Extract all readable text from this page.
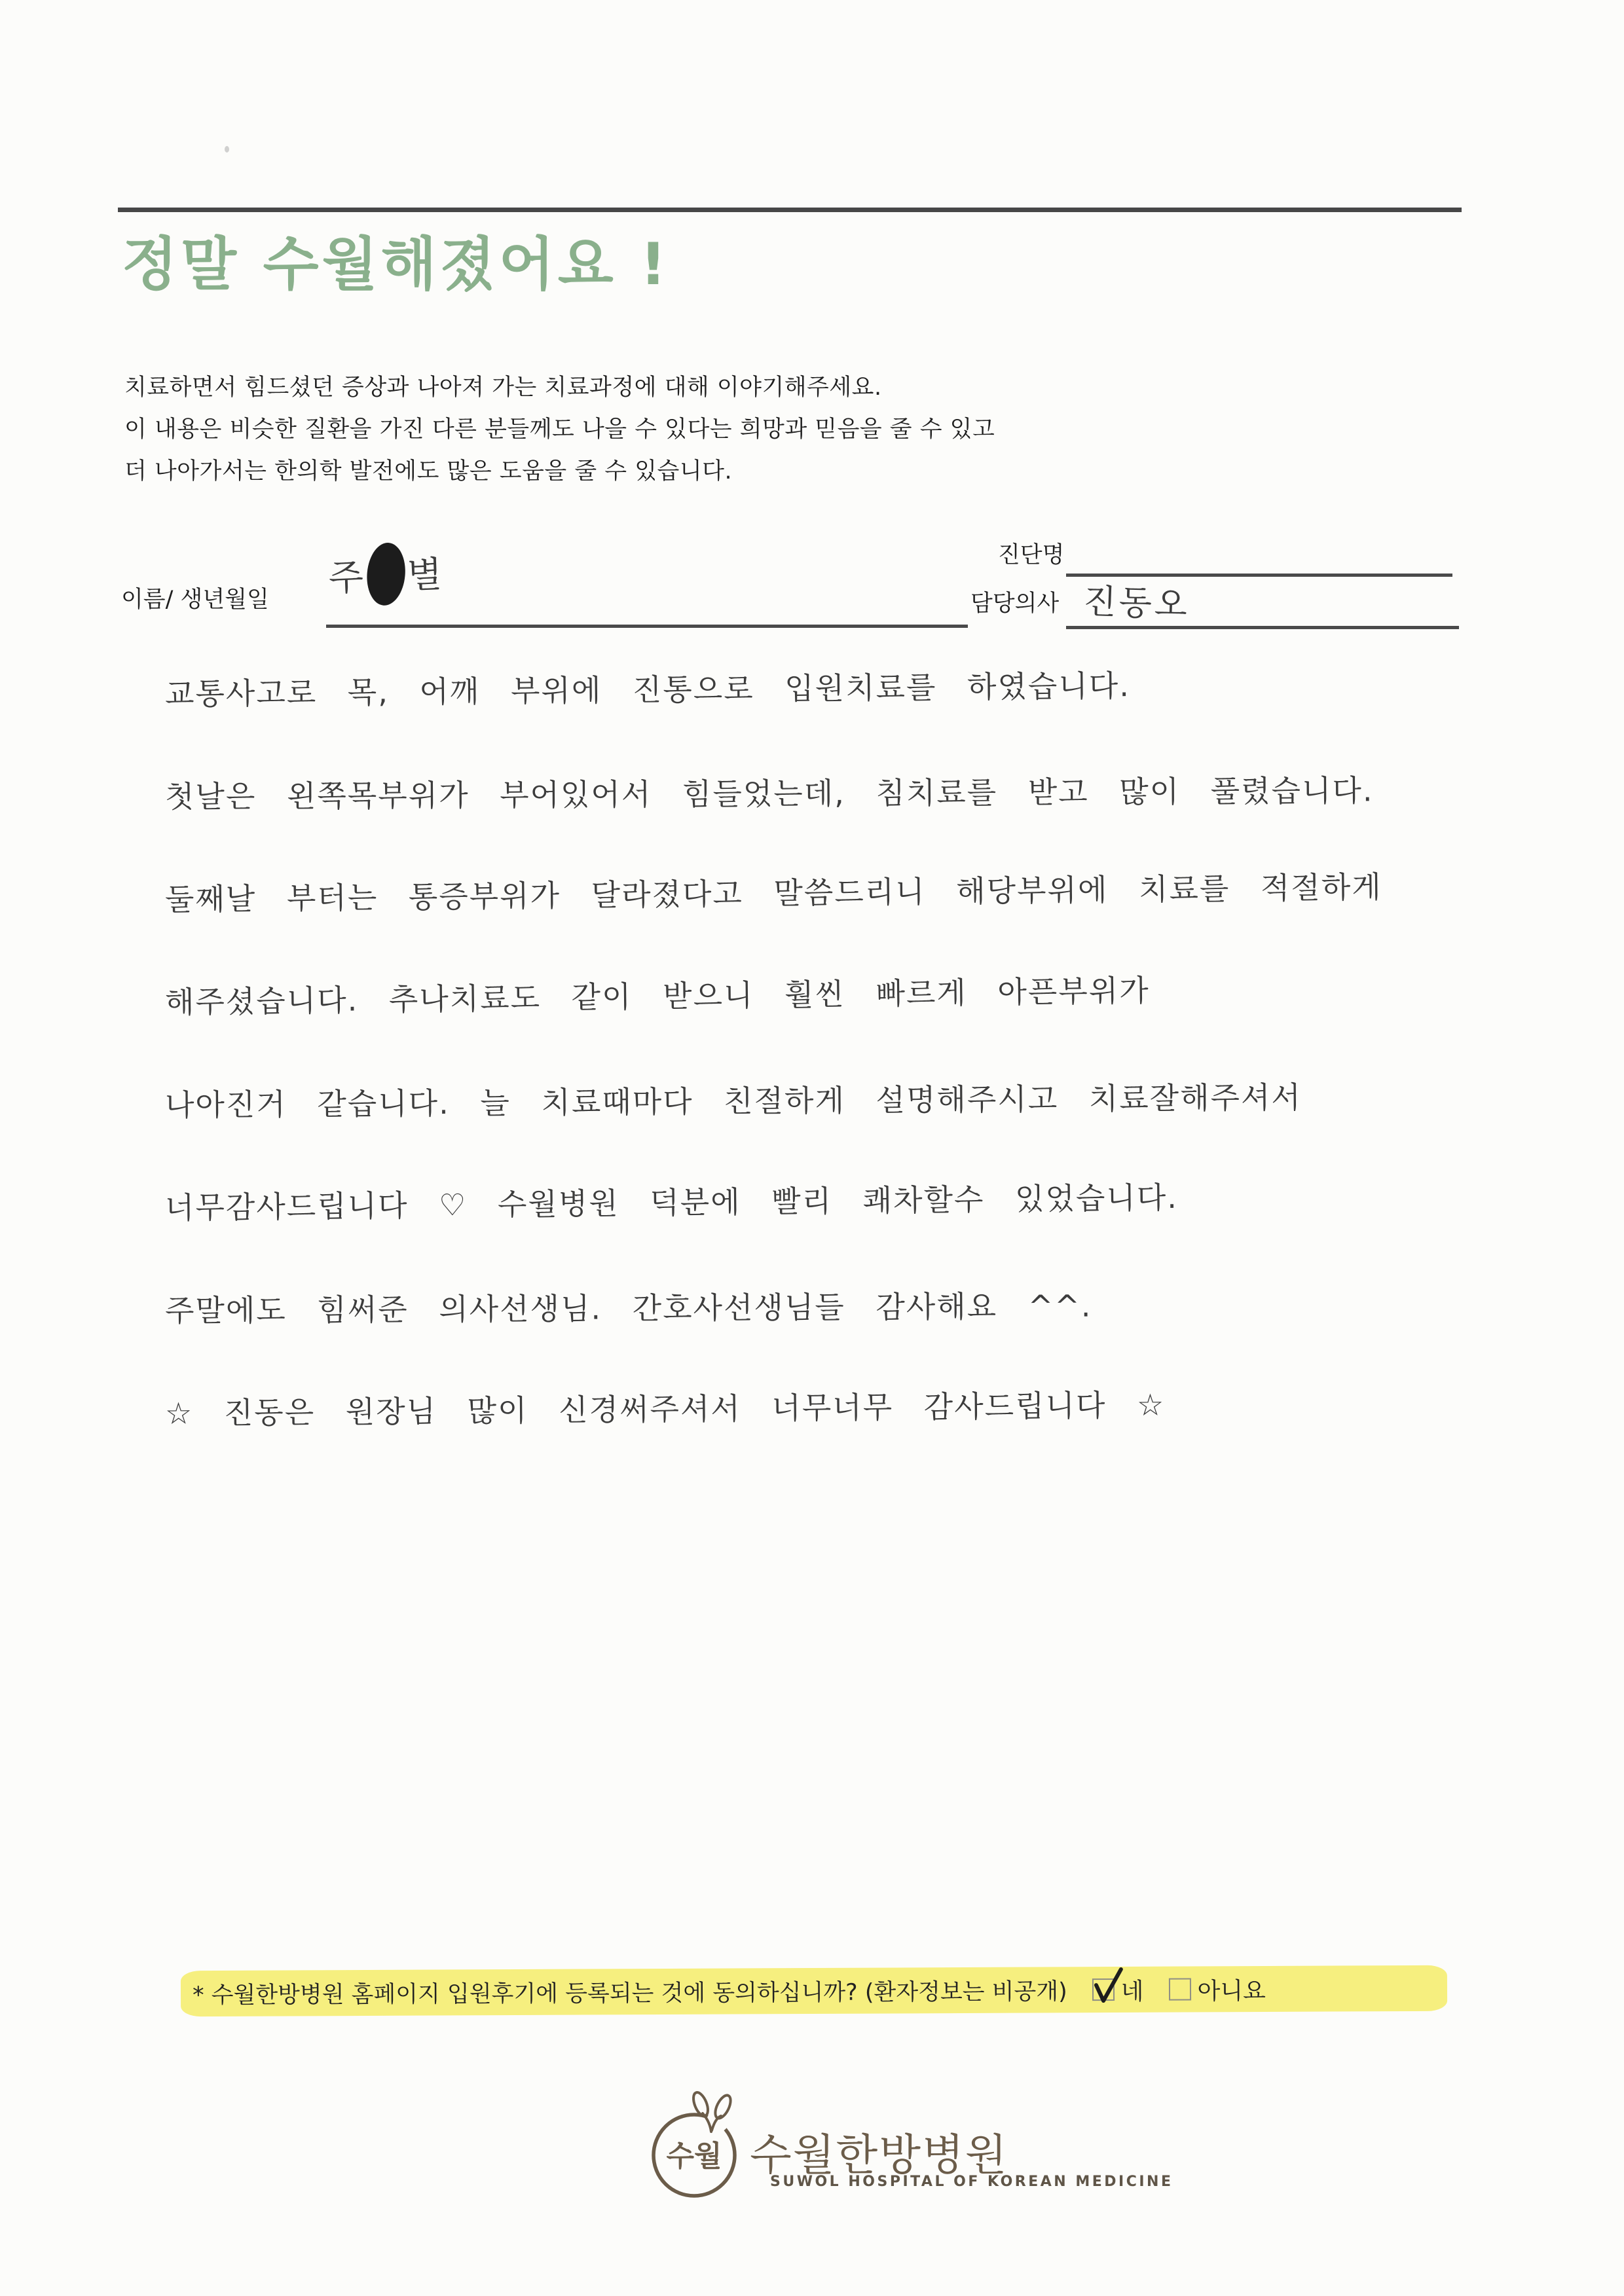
정말 수월해졌어요 !
치료하면서 힘드셨던 증상과 나아져 가는 치료과정에 대해 이야기해주세요.
이 내용은 비슷한 질환을 가진 다른 분들께도 나을 수 있다는 희망과 믿음을 줄 수 있고
더 나아가서는 한의학 발전에도 많은 도움을 줄 수 있습니다.
이름/ 생년월일
주 별	진단명
담당의사 진동오
교통사고로 목, 어깨 부위에 진통으로 입원치료를 하였습니다.
첫날은 왼쪽목부위가 부어있어서 힘들었는데, 침치료를 받고 많이 풀렸습니다.
둘째날 부터는 통증부위가 달라졌다고 말씀드리니 해당부위에 치료를 적절하게
해주셨습니다. 추나치료도 같이 받으니 훨씬 빠르게 아픈부위가
나아진거 같습니다. 늘 치료때마다 친절하게 설명해주시고 치료잘해주셔서
너무감사드립니다 ♡ 수월병원 덕분에 빨리 쾌차할수 있었습니다.
주말에도 힘써준 의사선생님. 간호사선생님들 감사해요 ^^.
☆ 진동은 원장님 많이 신경써주셔서 너무너무 감사드립니다 ☆
* 수월한방병원 홈페이지 입원후기에 등록되는 것에 동의하십니까? (환자정보는 비공개) 네 아니요
수월 수월한방병원
SUWOL HOSPITAL OF KOREAN MEDICINE
